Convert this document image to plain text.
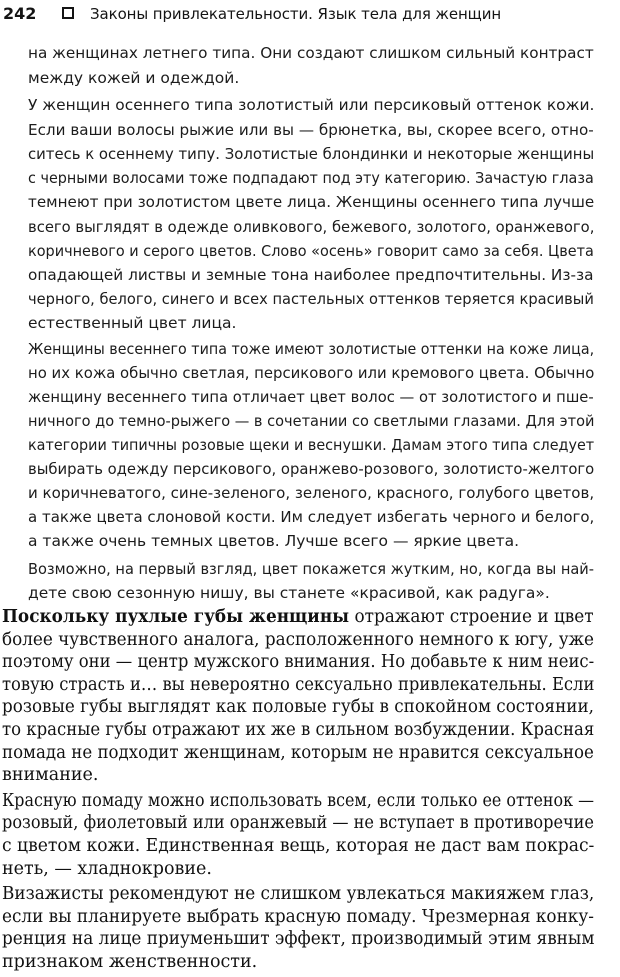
242	Законы привлекательности. Язык тела для женщин
на женщинах летнего типа. Они создают слишком сильный контраст
между кожей и одеждой.
У женщин осеннего типа золотистый или персиковый оттенок кожи.
Если ваши волосы рыжие или вы — брюнетка, вы, скорее всего, отно-
ситесь к осеннему типу. Золотистые блондинки и некоторые женщины
с черными волосами тоже подпадают под эту категорию. Зачастую глаза
темнеют при золотистом цвете лица. Женщины осеннего типа лучше
всего выглядят в одежде оливкового, бежевого, золотого, оранжевого,
коричневого и серого цветов. Слово «осень» говорит само за себя. Цвета
опадающей листвы и земные тона наиболее предпочтительны. Из-за
черного, белого, синего и всех пастельных оттенков теряется красивый
естественный цвет лица.
Женщины весеннего типа тоже имеют золотистые оттенки на коже лица,
но их кожа обычно светлая, персикового или кремового цвета. Обычно
женщину весеннего типа отличает цвет волос — от золотистого и пше-
ничного до темно-рыжего — в сочетании со светлыми глазами. Для этой
категории типичны розовые щеки и веснушки. Дамам этого типа следует
выбирать одежду персикового, оранжево-розового, золотисто-желтого
и коричневатого, сине-зеленого, зеленого, красного, голубого цветов,
а также цвета слоновой кости. Им следует избегать черного и белого,
а также очень темных цветов. Лучше всего — яркие цвета.
Возможно, на первый взгляд, цвет покажется жутким, но, когда вы най-
дете свою сезонную нишу, вы станете «красивой, как радуга».
Поскольку пухлые губы женщины отражают строение и цвет
более чувственного аналога, расположенного немного к югу, уже
поэтому они — центр мужского внимания. Но добавьте к ним неис-
товую страсть и… вы невероятно сексуально привлекательны. Если
розовые губы выглядят как половые губы в спокойном состоянии,
то красные губы отражают их же в сильном возбуждении. Красная
помада не подходит женщинам, которым не нравится сексуальное
внимание.
Красную помаду можно использовать всем, если только ее оттенок —
розовый, фиолетовый или оранжевый — не вступает в противоречие
с цветом кожи. Единственная вещь, которая не даст вам покрас-
неть, — хладнокровие.
Визажисты рекомендуют не слишком увлекаться макияжем глаз,
если вы планируете выбрать красную помаду. Чрезмерная конку-
ренция на лице приуменьшит эффект, производимый этим явным
признаком женственности.
